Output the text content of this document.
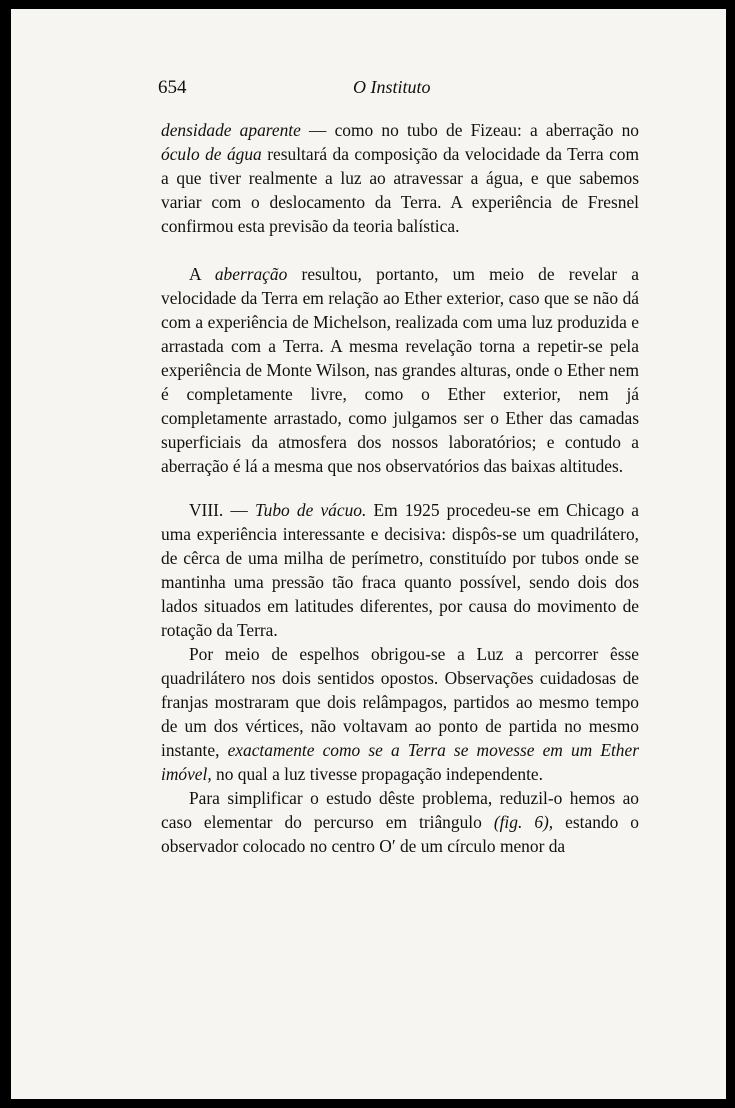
654	O Instituto

densidade aparente — como no tubo de Fizeau: a aberração no óculo de água resultará da composição da velocidade da Terra com a que tiver realmente a luz ao atravessar a água, e que sabemos variar com o deslocamento da Terra. A experiência de Fresnel confirmou esta previsão da teoria balística.

A aberração resultou, portanto, um meio de revelar a velocidade da Terra em relação ao Ether exterior, caso que se não dá com a experiência de Michelson, realizada com uma luz produzida e arrastada com a Terra. A mesma revelação torna a repetir-se pela experiência de Monte Wilson, nas grandes alturas, onde o Ether nem é completamente livre, como o Ether exterior, nem já completamente arrastado, como julgamos ser o Ether das camadas superficiais da atmosfera dos nossos laboratórios; e contudo a aberração é lá a mesma que nos observatórios das baixas altitudes.

VIII. — Tubo de vácuo. Em 1925 procedeu-se em Chicago a uma experiência interessante e decisiva: dispôs-se um quadrilátero, de cêrca de uma milha de perímetro, constituído por tubos onde se mantinha uma pressão tão fraca quanto possível, sendo dois dos lados situados em latitudes diferentes, por causa do movimento de rotação da Terra.

Por meio de espelhos obrigou-se a Luz a percorrer êsse quadrilátero nos dois sentidos opostos. Observações cuidadosas de franjas mostraram que dois relâmpagos, partidos ao mesmo tempo de um dos vértices, não voltavam ao ponto de partida no mesmo instante, exactamente como se a Terra se movesse em um Ether imóvel, no qual a luz tivesse propagação independente.

Para simplificar o estudo dêste problema, reduzil-o hemos ao caso elementar do percurso em triângulo (fig. 6), estando o observador colocado no centro O′ de um círculo menor da
